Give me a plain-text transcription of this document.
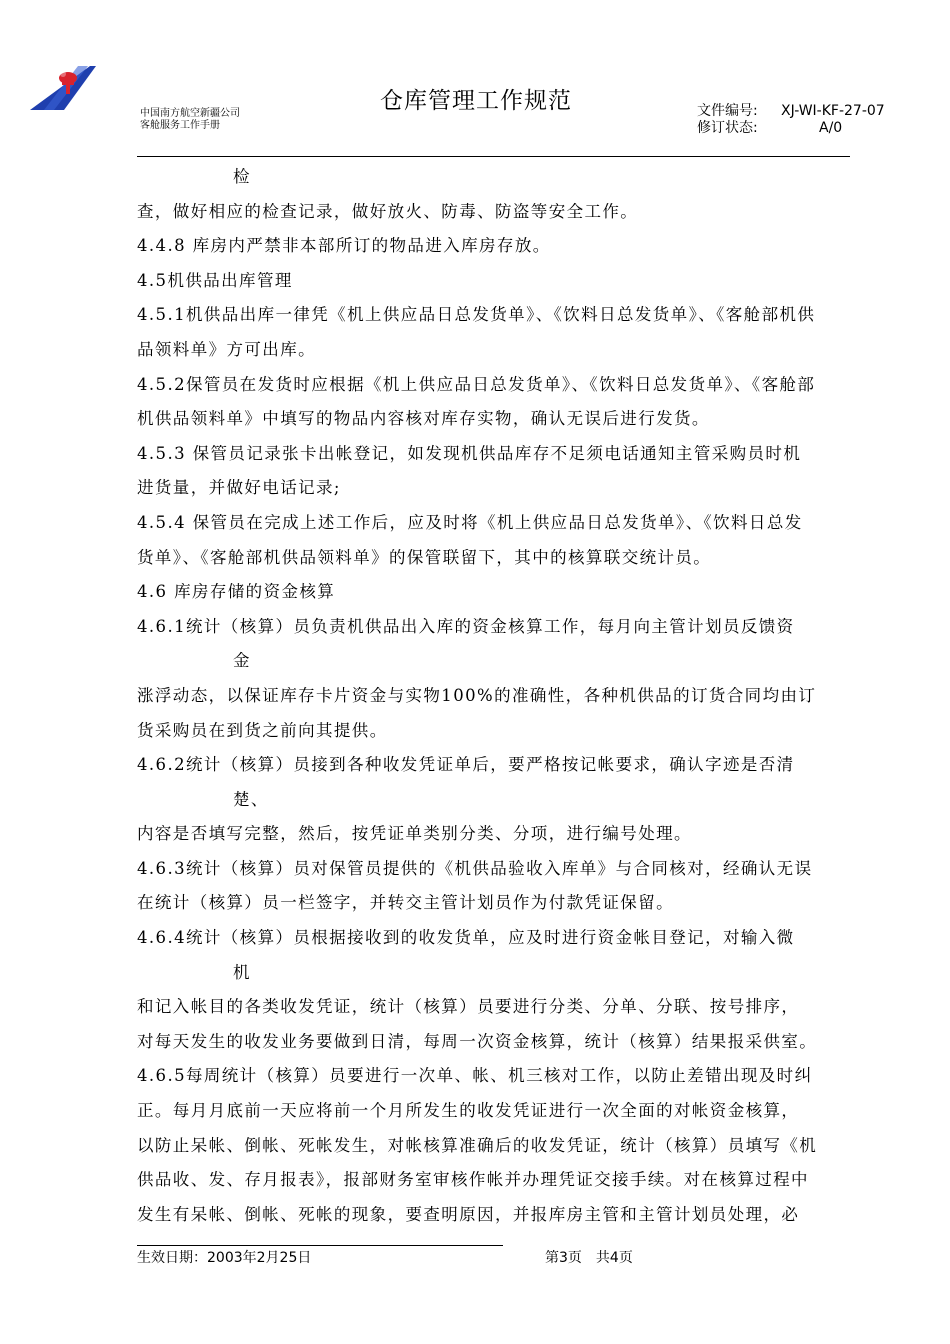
中国南方航空新疆公司
客舱服务工作手册
仓库管理工作规范	文件编号:	XJ-WI-KF-27-07
修订状态:	A/0
检
查，做好相应的检查记录，做好放火、防毒、防盗等安全工作。
4.4.8 库房内严禁非本部所订的物品进入库房存放。
4.5机供品出库管理
4.5.1机供品出库一律凭《机上供应品日总发货单》、《饮料日总发货单》、《客舱部机供
品领料单》方可出库。
4.5.2保管员在发货时应根据《机上供应品日总发货单》、《饮料日总发货单》、《客舱部
机供品领料单》中填写的物品内容核对库存实物，确认无误后进行发货。
4.5.3 保管员记录张卡出帐登记，如发现机供品库存不足须电话通知主管采购员时机
进货量，并做好电话记录;
4.5.4 保管员在完成上述工作后，应及时将《机上供应品日总发货单》、《饮料日总发
货单》、《客舱部机供品领料单》的保管联留下，其中的核算联交统计员。
4.6 库房存储的资金核算
4.6.1统计（核算）员负责机供品出入库的资金核算工作，每月向主管计划员反馈资
金
涨浮动态，以保证库存卡片资金与实物100%的准确性，各种机供品的订货合同均由订
货采购员在到货之前向其提供。
4.6.2统计（核算）员接到各种收发凭证单后，要严格按记帐要求，确认字迹是否清
楚、
内容是否填写完整，然后，按凭证单类别分类、分项，进行编号处理。
4.6.3统计（核算）员对保管员提供的《机供品验收入库单》与合同核对，经确认无误
在统计（核算）员一栏签字，并转交主管计划员作为付款凭证保留。
4.6.4统计（核算）员根据接收到的收发货单，应及时进行资金帐目登记，对输入微
机
和记入帐目的各类收发凭证，统计（核算）员要进行分类、分单、分联、按号排序，
对每天发生的收发业务要做到日清，每周一次资金核算，统计（核算）结果报采供室。
4.6.5每周统计（核算）员要进行一次单、帐、机三核对工作，以防止差错出现及时纠
正。每月月底前一天应将前一个月所发生的收发凭证进行一次全面的对帐资金核算，
以防止呆帐、倒帐、死帐发生，对帐核算准确后的收发凭证，统计（核算）员填写《机
供品收、发、存月报表》，报部财务室审核作帐并办理凭证交接手续。对在核算过程中
发生有呆帐、倒帐、死帐的现象，要查明原因，并报库房主管和主管计划员处理，必
生效日期：2003年2月25日	第3页　共4页
